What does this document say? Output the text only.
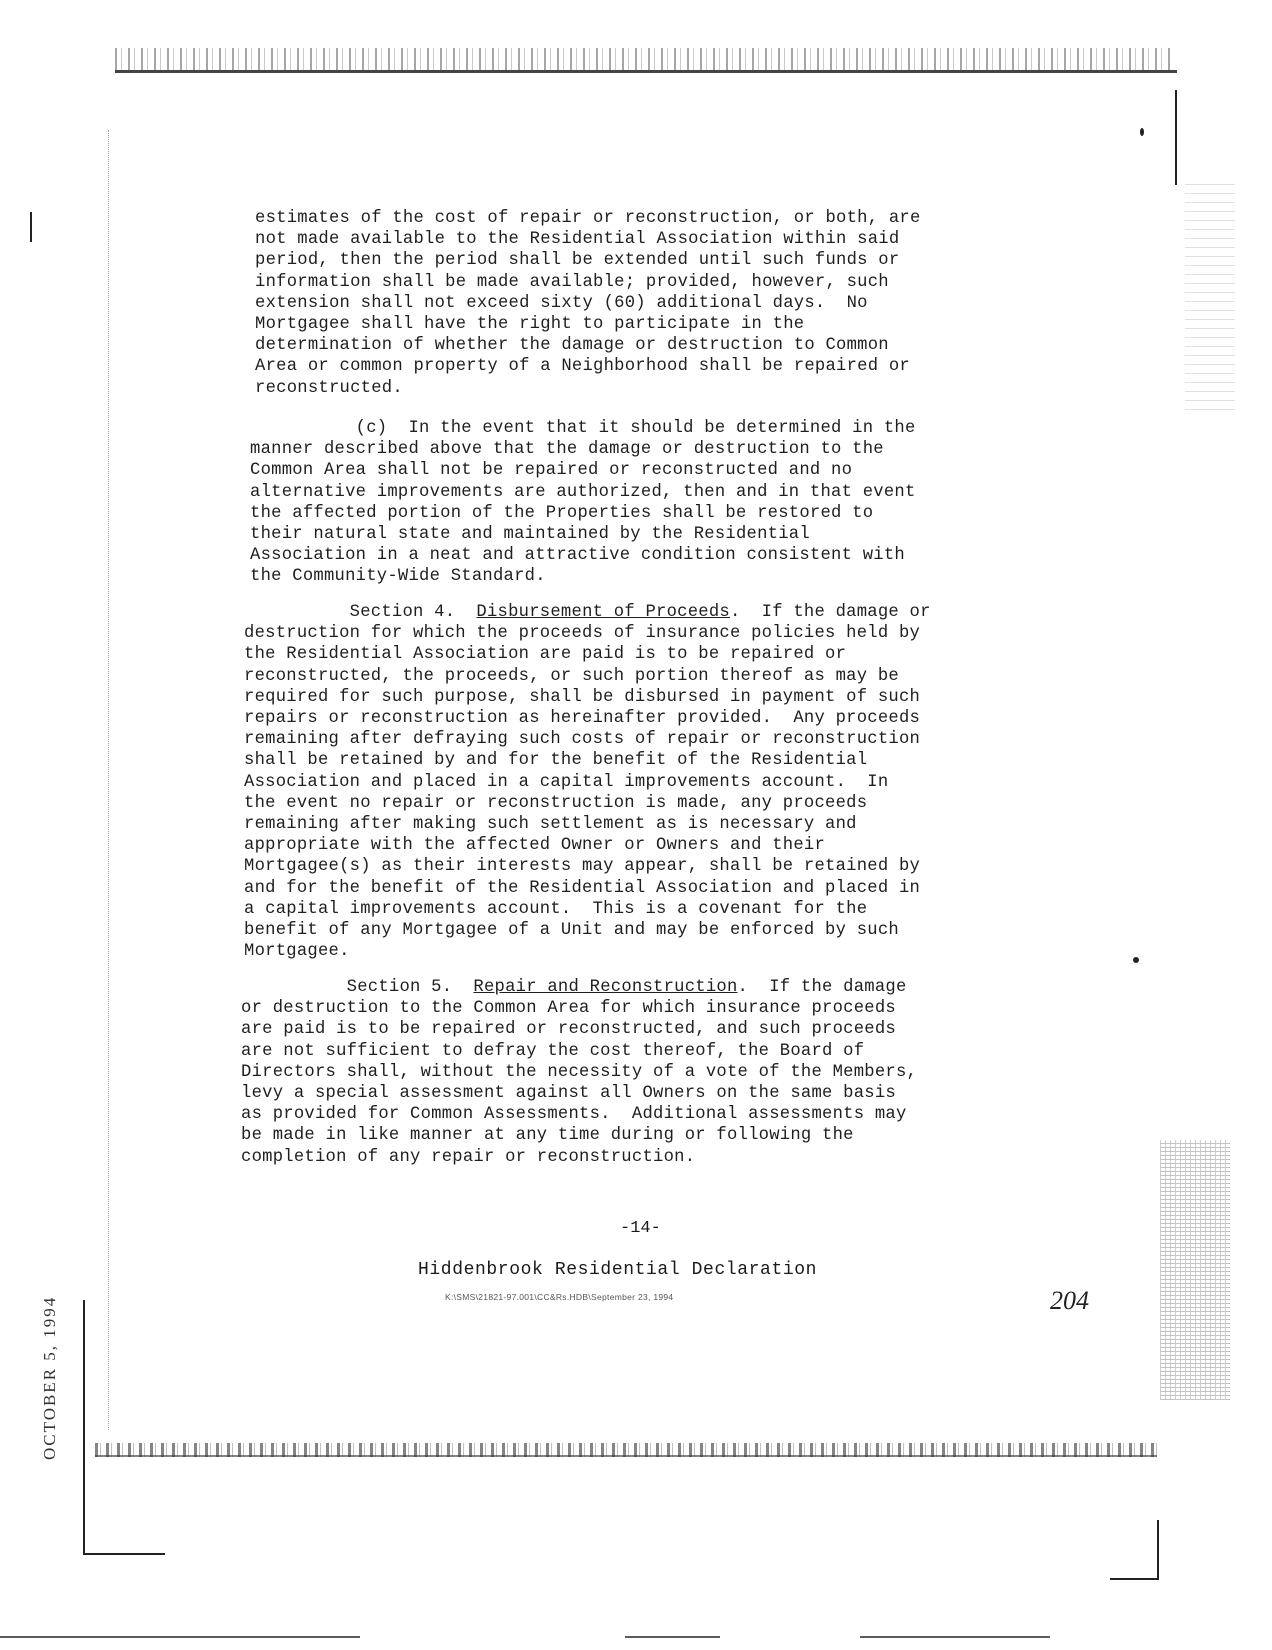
OCTOBER 5, 1994
estimates of the cost of repair or reconstruction, or both, are
not made available to the Residential Association within said
period, then the period shall be extended until such funds or
information shall be made available; provided, however, such
extension shall not exceed sixty (60) additional days.  No
Mortgagee shall have the right to participate in the
determination of whether the damage or destruction to Common
Area or common property of a Neighborhood shall be repaired or
reconstructed.
(c)  In the event that it should be determined in the
manner described above that the damage or destruction to the
Common Area shall not be repaired or reconstructed and no
alternative improvements are authorized, then and in that event
the affected portion of the Properties shall be restored to
their natural state and maintained by the Residential
Association in a neat and attractive condition consistent with
the Community-Wide Standard.
Section 4.  Disbursement of Proceeds.  If the damage or
destruction for which the proceeds of insurance policies held by
the Residential Association are paid is to be repaired or
reconstructed, the proceeds, or such portion thereof as may be
required for such purpose, shall be disbursed in payment of such
repairs or reconstruction as hereinafter provided.  Any proceeds
remaining after defraying such costs of repair or reconstruction
shall be retained by and for the benefit of the Residential
Association and placed in a capital improvements account.  In
the event no repair or reconstruction is made, any proceeds
remaining after making such settlement as is necessary and
appropriate with the affected Owner or Owners and their
Mortgagee(s) as their interests may appear, shall be retained by
and for the benefit of the Residential Association and placed in
a capital improvements account.  This is a covenant for the
benefit of any Mortgagee of a Unit and may be enforced by such
Mortgagee.
Section 5.  Repair and Reconstruction.  If the damage
or destruction to the Common Area for which insurance proceeds
are paid is to be repaired or reconstructed, and such proceeds
are not sufficient to defray the cost thereof, the Board of
Directors shall, without the necessity of a vote of the Members,
levy a special assessment against all Owners on the same basis
as provided for Common Assessments.  Additional assessments may
be made in like manner at any time during or following the
completion of any repair or reconstruction.
-14-
Hiddenbrook Residential Declaration
K:\SMS\21821-97.001\CC&Rs.HDB\September 23, 1994	204
